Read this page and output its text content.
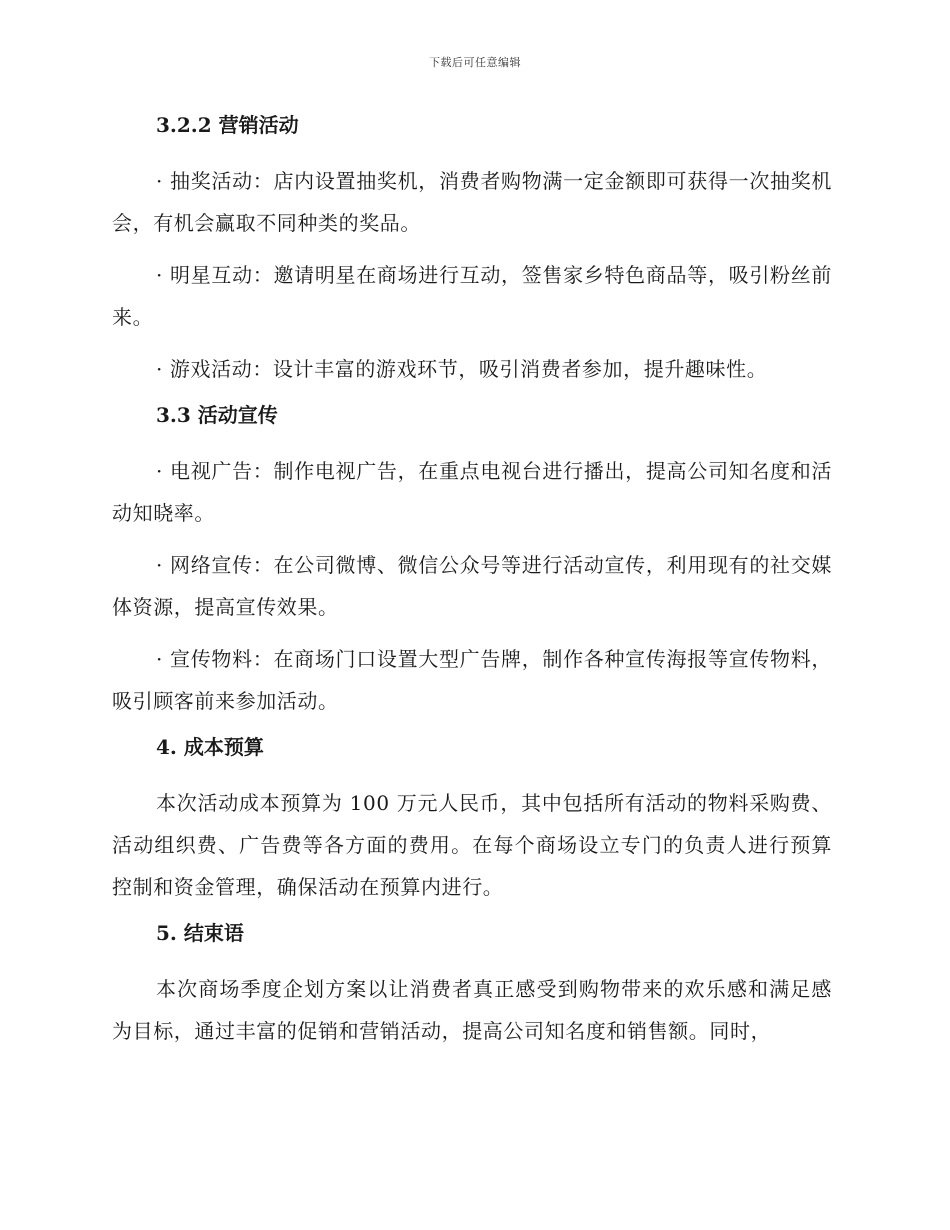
下载后可任意编辑
3.2.2 营销活动

· 抽奖活动：店内设置抽奖机，消费者购物满一定金额即可获得一次抽奖机会，有机会赢取不同种类的奖品。

· 明星互动：邀请明星在商场进行互动，签售家乡特色商品等，吸引粉丝前来。

· 游戏活动：设计丰富的游戏环节，吸引消费者参加，提升趣味性。

3.3 活动宣传

· 电视广告：制作电视广告，在重点电视台进行播出，提高公司知名度和活动知晓率。

· 网络宣传：在公司微博、微信公众号等进行活动宣传，利用现有的社交媒体资源，提高宣传效果。

· 宣传物料：在商场门口设置大型广告牌，制作各种宣传海报等宣传物料，吸引顾客前来参加活动。

4. 成本预算

本次活动成本预算为 100 万元人民币，其中包括所有活动的物料采购费、活动组织费、广告费等各方面的费用。在每个商场设立专门的负责人进行预算控制和资金管理，确保活动在预算内进行。

5. 结束语

本次商场季度企划方案以让消费者真正感受到购物带来的欢乐感和满足感为目标，通过丰富的促销和营销活动，提高公司知名度和销售额。同时，
